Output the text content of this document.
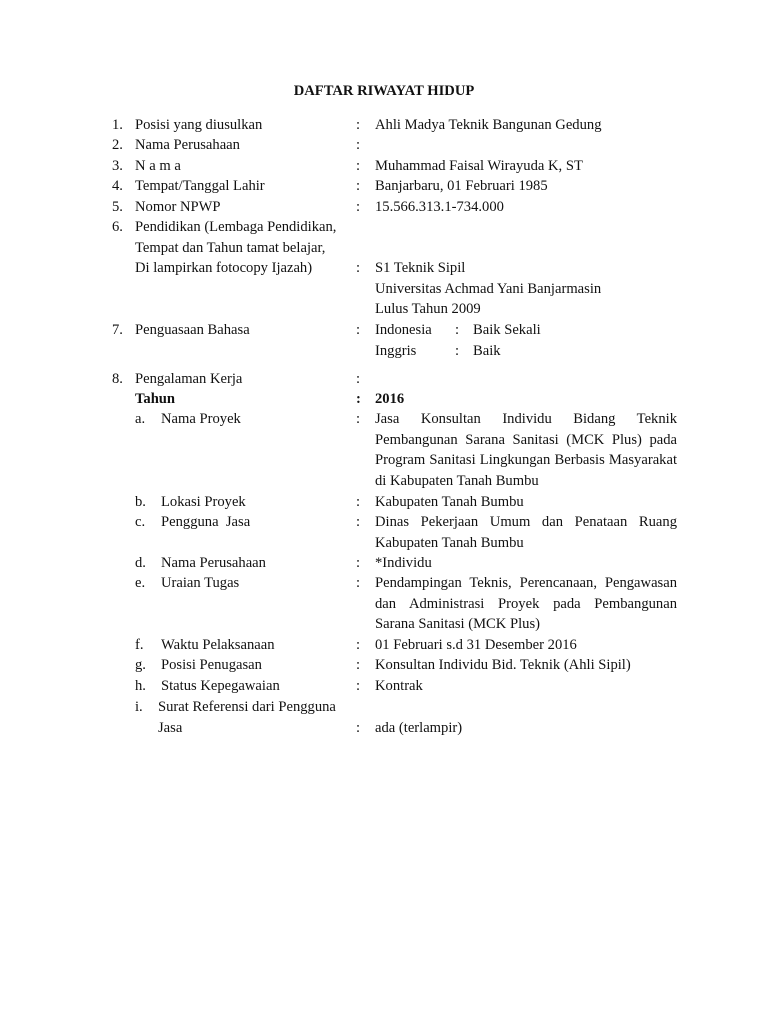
DAFTAR RIWAYAT HIDUP
1. Posisi yang diusulkan	: Ahli Madya Teknik Bangunan Gedung
2. Nama Perusahaan	:
3. N a m a	: Muhammad Faisal Wirayuda K, ST
4. Tempat/Tanggal Lahir	: Banjarbaru, 01 Februari 1985
5. Nomor NPWP	: 15.566.313.1-734.000
6. Pendidikan (Lembaga Pendidikan,
Tempat dan Tahun tamat belajar,
Di lampirkan fotocopy Ijazah)	: S1 Teknik Sipil
Universitas Achmad Yani Banjarmasin
Lulus Tahun 2009
7. Penguasaan Bahasa	: Indonesia : Baik Sekali
Inggris	: Baik
8. Pengalaman Kerja	:
Tahun	: 2016
a. Nama Proyek	: Jasa Konsultan Individu Bidang Teknik Pembangunan Sarana Sanitasi (MCK Plus) pada Program Sanitasi Lingkungan Berbasis Masyarakat di Kabupaten Tanah Bumbu
b. Lokasi Proyek	: Kabupaten Tanah Bumbu
c. Pengguna  Jasa	: Dinas Pekerjaan Umum dan Penataan Ruang Kabupaten Tanah Bumbu
d. Nama Perusahaan	: *Individu
e. Uraian Tugas	: Pendampingan Teknis, Perencanaan, Pengawasan dan Administrasi Proyek pada Pembangunan Sarana Sanitasi (MCK Plus)
f. Waktu Pelaksanaan	: 01 Februari s.d 31 Desember 2016
g. Posisi Penugasan	: Konsultan Individu Bid. Teknik (Ahli Sipil)
h. Status Kepegawaian	: Kontrak
i. Surat Referensi dari Pengguna
Jasa	: ada (terlampir)
